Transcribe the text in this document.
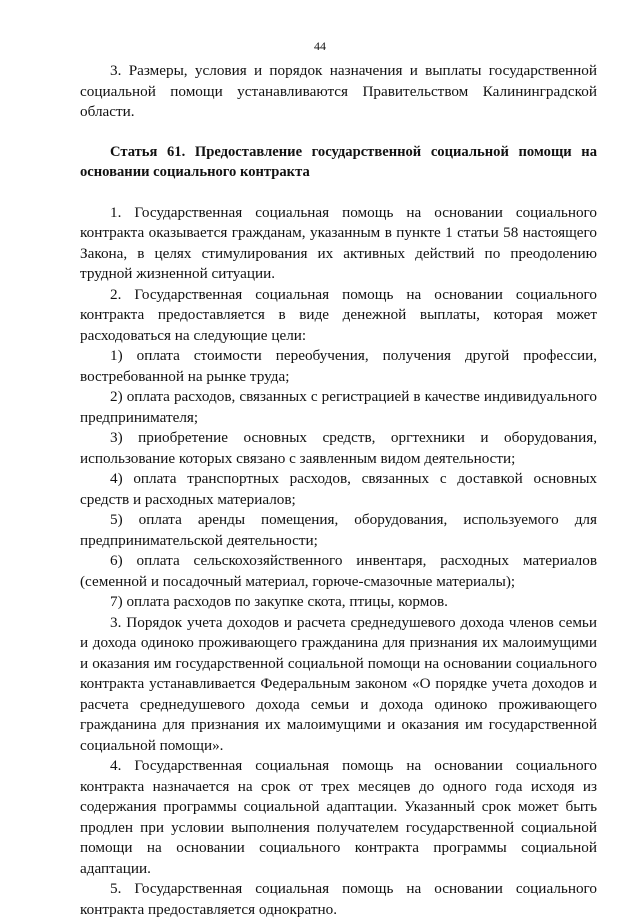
44

3. Размеры, условия и порядок назначения и выплаты государственной социальной помощи устанавливаются Правительством Калининградской области.

Статья 61. Предоставление государственной социальной помощи на основании социального контракта

1. Государственная социальная помощь на основании социального контракта оказывается гражданам, указанным в пункте 1 статьи 58 настоящего Закона, в целях стимулирования их активных действий по преодолению трудной жизненной ситуации.

2. Государственная социальная помощь на основании социального контракта предоставляется в виде денежной выплаты, которая может расходоваться на следующие цели:

1) оплата стоимости переобучения, получения другой профессии, востребованной на рынке труда;

2) оплата расходов, связанных с регистрацией в качестве индивидуального предпринимателя;

3) приобретение основных средств, оргтехники и оборудования, использование которых связано с заявленным видом деятельности;

4) оплата транспортных расходов, связанных с доставкой основных средств и расходных материалов;

5) оплата аренды помещения, оборудования, используемого для предпринимательской деятельности;

6) оплата сельскохозяйственного инвентаря, расходных материалов (семенной и посадочный материал, горюче-смазочные материалы);

7) оплата расходов по закупке скота, птицы, кормов.

3. Порядок учета доходов и расчета среднедушевого дохода членов семьи и дохода одиноко проживающего гражданина для признания их малоимущими и оказания им государственной социальной помощи на основании социального контракта устанавливается Федеральным законом «О порядке учета доходов и расчета среднедушевого дохода семьи и дохода одиноко проживающего гражданина для признания их малоимущими и оказания им государственной социальной помощи».

4. Государственная социальная помощь на основании социального контракта назначается на срок от трех месяцев до одного года исходя из содержания программы социальной адаптации. Указанный срок может быть продлен при условии выполнения получателем государственной социальной помощи на основании социального контракта программы социальной адаптации.

5. Государственная социальная помощь на основании социального контракта предоставляется однократно.
